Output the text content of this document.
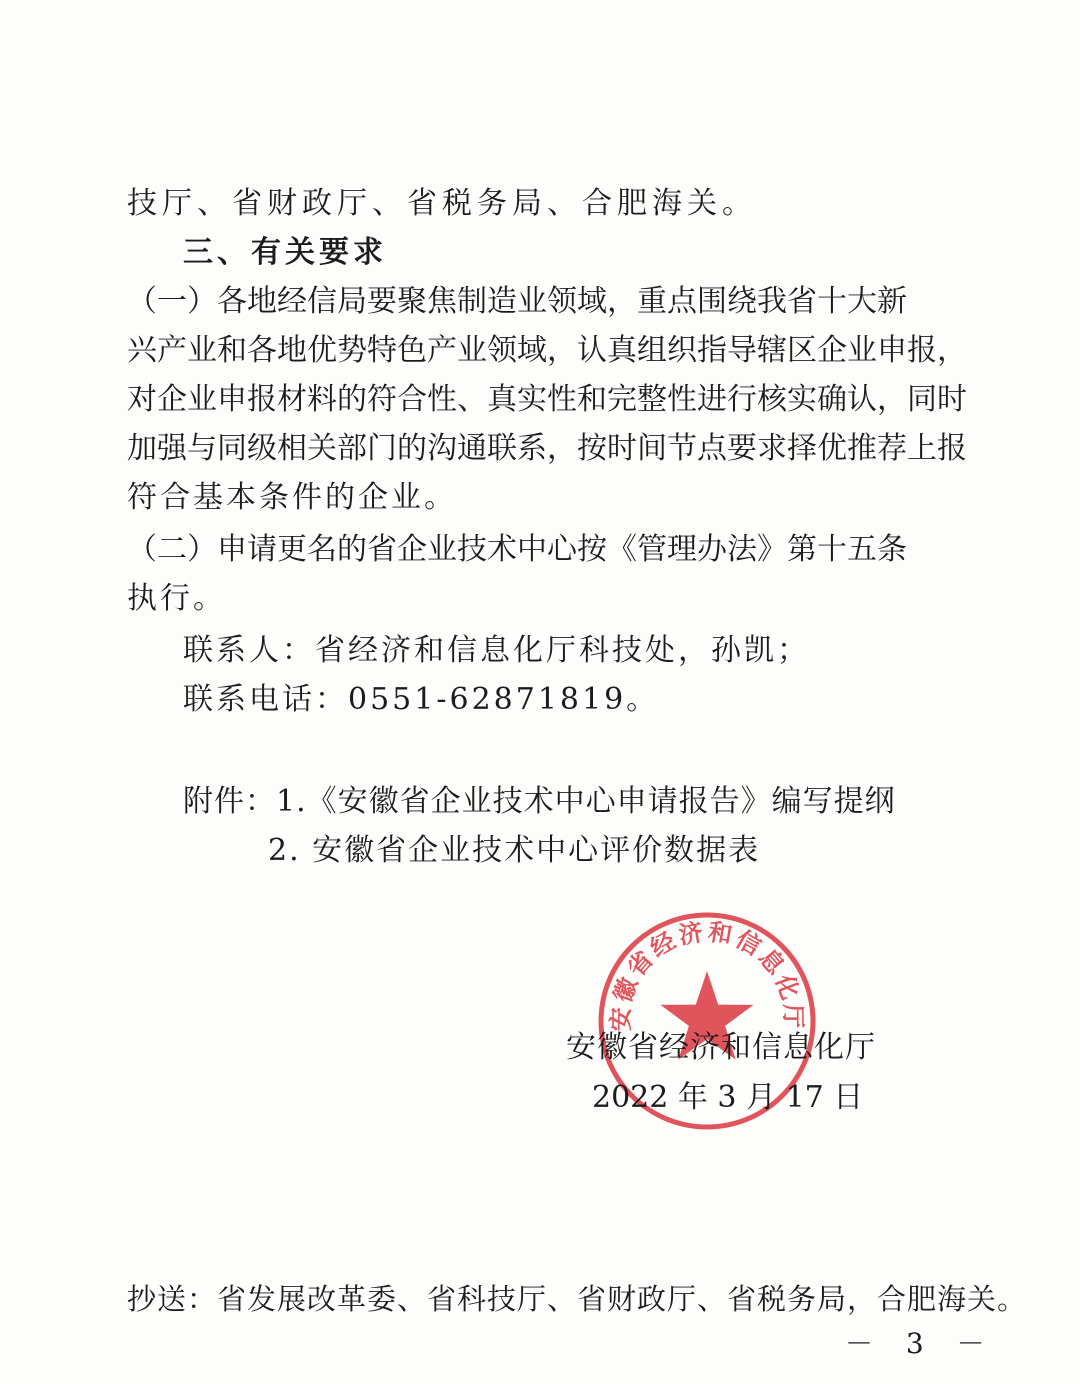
技厅、省财政厅、省税务局、合肥海关。

三、有关要求

（一）各地经信局要聚焦制造业领域，重点围绕我省十大新

兴产业和各地优势特色产业领域，认真组织指导辖区企业申报，

对企业申报材料的符合性、真实性和完整性进行核实确认，同时

加强与同级相关部门的沟通联系，按时间节点要求择优推荐上报

符合基本条件的企业。

（二）申请更名的省企业技术中心按《管理办法》第十五条

执行。

联系人：省经济和信息化厅科技处，孙凯；

联系电话：0551-62871819。

附件：1.《安徽省企业技术中心申请报告》编写提纲

2. 安徽省企业技术中心评价数据表

安徽省经济和信息化厅

安徽省经济和信息化厅

2022 年 3 月 17 日

抄送：省发展改革委、省科技厅、省财政厅、省税务局，合肥海关。

－ 3 －
